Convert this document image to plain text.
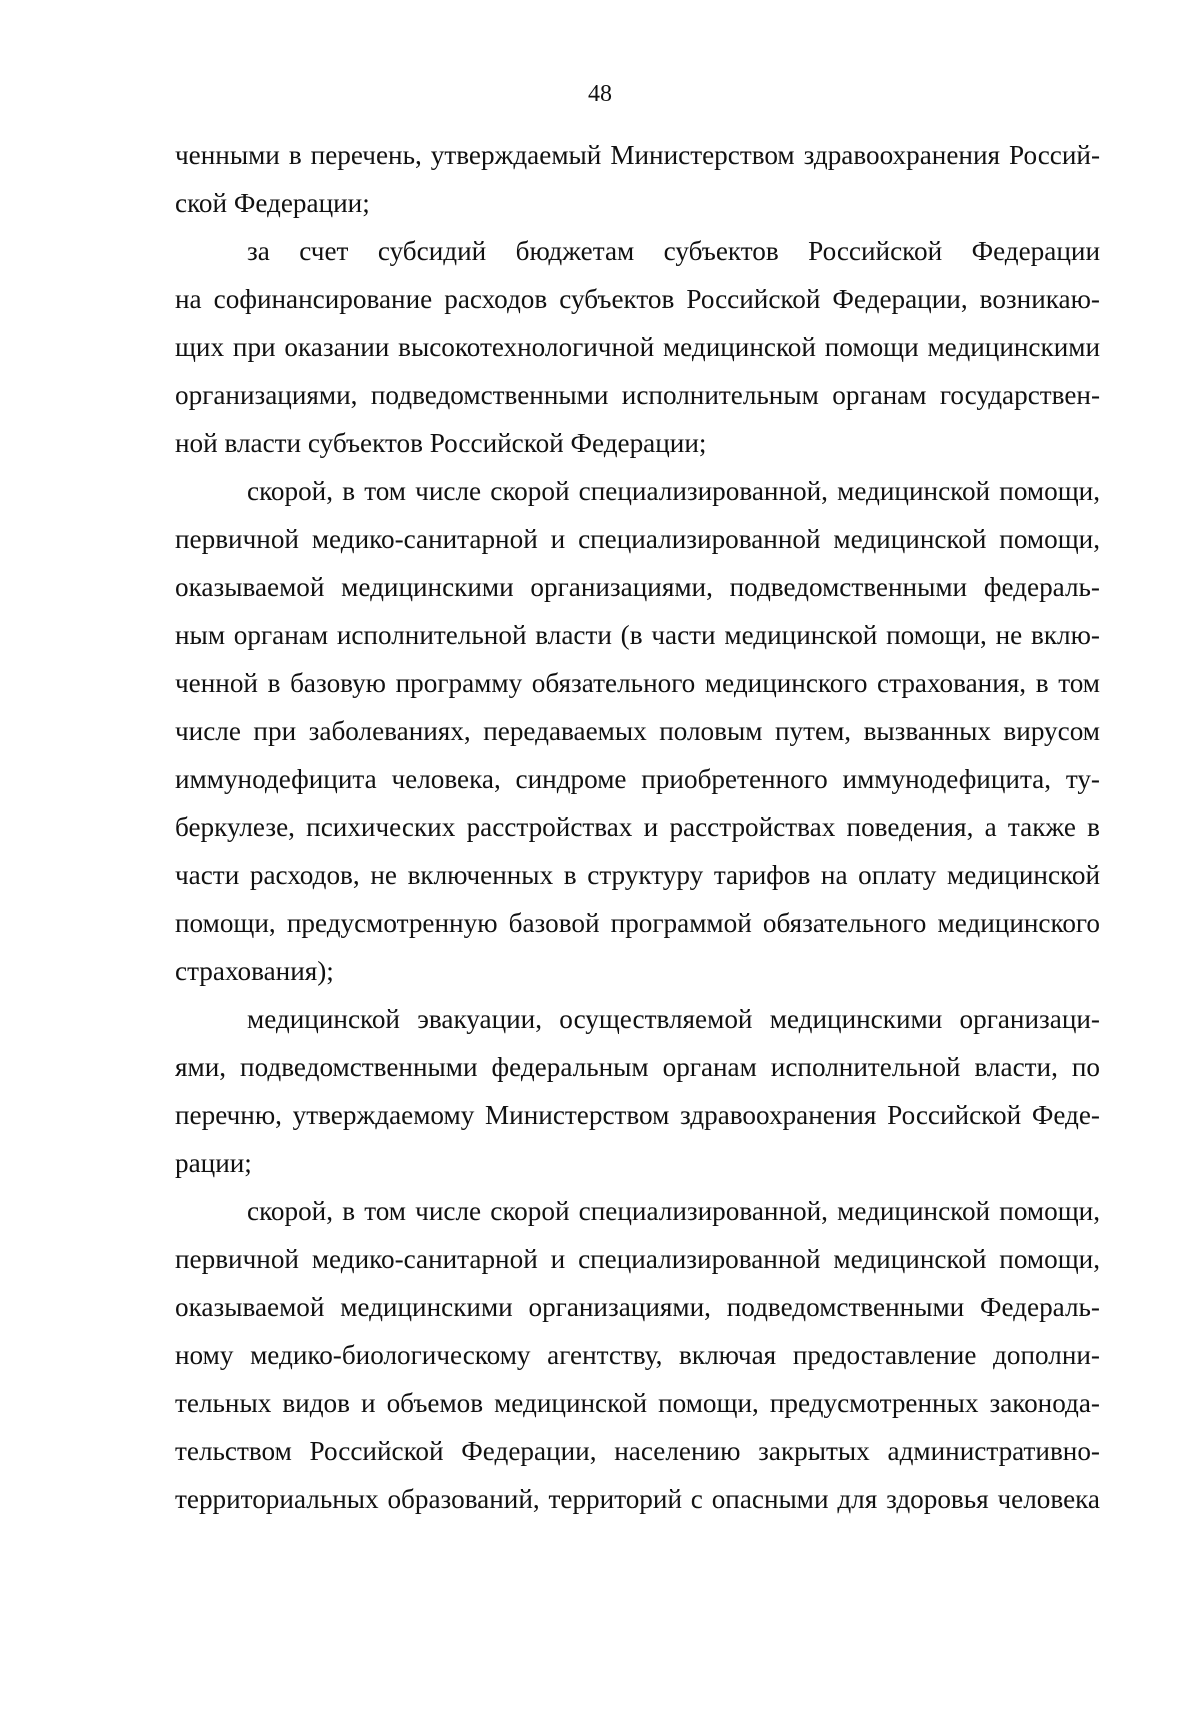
48
ченными в перечень, утверждаемый Министерством здравоохранения Россий-
ской Федерации;
за счет субсидий бюджетам субъектов Российской Федерации
на софинансирование расходов субъектов Российской Федерации, возникаю-
щих при оказании высокотехнологичной медицинской помощи медицинскими
организациями, подведомственными исполнительным органам государствен-
ной власти субъектов Российской Федерации;
скорой, в том числе скорой специализированной, медицинской помощи,
первичной медико-санитарной и специализированной медицинской помощи,
оказываемой медицинскими организациями, подведомственными федераль-
ным органам исполнительной власти (в части медицинской помощи, не вклю-
ченной в базовую программу обязательного медицинского страхования, в том
числе при заболеваниях, передаваемых половым путем, вызванных вирусом
иммунодефицита человека, синдроме приобретенного иммунодефицита, ту-
беркулезе, психических расстройствах и расстройствах поведения, а также в
части расходов, не включенных в структуру тарифов на оплату медицинской
помощи, предусмотренную базовой программой обязательного медицинского
страхования);
медицинской эвакуации, осуществляемой медицинскими организаци-
ями, подведомственными федеральным органам исполнительной власти, по
перечню, утверждаемому Министерством здравоохранения Российской Феде-
рации;
скорой, в том числе скорой специализированной, медицинской помощи,
первичной медико-санитарной и специализированной медицинской помощи,
оказываемой медицинскими организациями, подведомственными Федераль-
ному медико-биологическому агентству, включая предоставление дополни-
тельных видов и объемов медицинской помощи, предусмотренных законода-
тельством Российской Федерации, населению закрытых административно-
территориальных образований, территорий с опасными для здоровья человека
